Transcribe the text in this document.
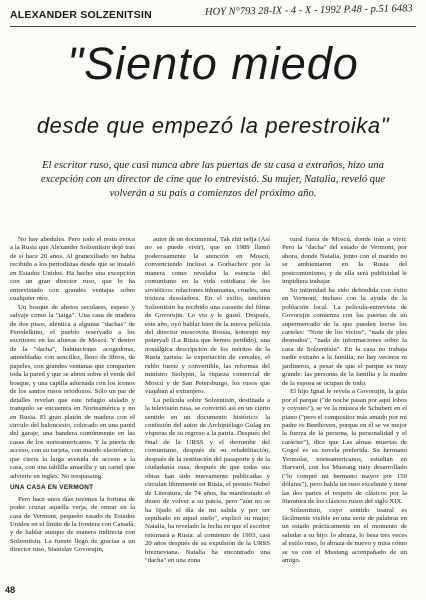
ALEXANDER SOLZENITSIN	HOY N°793 28-IX - 4 - X - 1992 P.48 - p.51 6483
"Siento miedo
desde que empezó la perestroika"
El escritor ruso, que casi nunca abre las puertas de su casa a extraños, hizo una excepción con un director de cine que lo entrevistó. Su mujer, Natalia, reveló que volverán a su país a comienzos del próximo año.

No hay abedules. Pero todo el resto evoca a la Rusia que Alexander Solzenitsin dejó tras de sí hace 20 años. Al granexiliado no habia recibido a los periodistas desde que se instaló en Estados Unidos. Ha hecho una excepción con un gran director ruso, que lo ha entrevistado con grandes ventajas sobre cualquier otro.

Un bosque de abetos seculares, espeso y salvaje como la "taiga". Una casa de madera de dos pisos, idéntica a algunas "dachas" de Peredelkino, el pueblo reservado a los escritores en las afueras de Moscú. Y dentro de la "dacha", habitaciones acogedoras, amuebladas con sencillez, lleno de libros, de papeles, con grandes ventanas que comparten toda la pared y que se abren sobre el verde del bosque, y una capilla adornada con los íconos de los santos rusos ortodoxos. Sólo un par de detalles revelan que este refugio aislado y tranquilo se encuentra en Norteamérica y no en Rusia. El gran platón de madera con el circulo del baloncesto, colocado en una pared del garaje, una bandera comúnmente en las casas de los norteamericanos. Y la puerta de acceso, con su tarjeta, con mando electrónico, que cierra la larga avenida de acceso a la casa, con una tablilla amarilla y un cartel que advierte en inglés: No trespassing.

UNA CASA EN VERMONT

Pero hace unos días tuvimos la fortuna de poder cruzar aquella verja, de entrar en la casa de Vermont, pequeño estado de Estados Unidos en el límite de la frontera con Canadá, y de hablar aunque de manera indirecta con Solzenitsin. La fuente llegó de gracias a un director ruso, Stanislav Govorujin,

autor de un documental, Tak zhit nelja (Así no se puede vivir), que en 1989 llamó poderosamente la atención en Moscú, convenciendo incluso a Gorbachov por la manera como revelaba la esencia del comunismo en la vida cotidiana de los soviéticos: relaciones inhumanas, crueles, una tristeza desoladora. En el exilio, también Solzenitsin ha recibido una cassette del filme de Govorujin. Lo vio y le gustó. Después, este año, oyó hablar bien de la nueva película del director moscovita Rossia, kotoruju my poteryali (La Rusia que hemos perdido), una nostálgica descripción de los méritos de la Rusia zarista: la exportación de cereales, el rublo fuerte y convertible, las reformas del ministro Stolypin, la riqueza comercial de Moscú y de San Petersburgo, los rusos que viajaban al extranjero.

La película sobre Solzenitsin, destinada a la televisión rusa, se convirtió así en un cierto sentido en un documento histórico: la confesión del autor de Archipiélago Gulag en vísperas de su regreso a la patria. Después del final de la URSS y el derrumbe del comunismo, después de su rehabilitación, después de la restitución del pasaporte y de la ciudadanía rusa, después de que todas sus obras han sido nuevamente publicadas y circulan libremente en Rusia, el premio Nobel de Literatura, de 74 años, ha manifestado el deseo de volver a su patria, pero "aún no se ha fijado el día de mi salida y por ser sepultado en aquel suelo", explicó su mujer, Natalia, ha revelado la fecha en que el escritor retornará a Rusia: al comienzo de 1993, casi 20 años después de su expulsión de la URSS brezneviana. Natalia ha encontrado una "dacha" en una zona

rural fuera de Moscú, donde irán a vivir. Pero la "dacha" del estado de Vermont, por ahora, donde Natalia, junto con el marido no se ambientaron en la Rusia del postcomunismo, y de ella será publicidad le impidiera trabajar.

Su intimidad ha sido defendida con éxito en Vermont, incluso con la ayuda de la población local. La película-entrevista de Govorujin comienza con las puertas de un supermercado de la que pueden leerse los carteles: "Note de los vicios", "nada de ples desnudos", "nada de informaciones sobre la casa de Solzenitsin". En la casa no trabaja nadie extraño a la familia, no hay vecinos ni jardineros, a pesar de que el parque es muy grande: las personas de la familia y la madre de la esposa se ocupan de todo.

El hijo Ignat le revela a Govorujin, la guía por el parque ("de noche pasan por aquí lobos y coyotes"), se ve la música de Schubert en el piano ("pero el compositor más amado por mi padre es Beethoven, porque en él se ve mejor la fuerza de la persona, la personalidad y el carácter"), dice que Las almas muertas de Gogol es su novela preferida. Su hermano Yermolai, norteamericanos, estudian en Harvard, con los Mustang muy desarrollado ("lo compré mi hermano mayor por 150 dólares"), pero habla un ruso excelente y tiene las dos partes el respeto de clásicos por la literatura de los clásicos rusos del siglo XIX.

Solzenitsin, cuyo sentido teatral es fácilmente visible en una serie de palabras en un estado prácticamente en el momento de saludar a su hijo: lo abraza, lo besa tres veces al estilo ruso, lo abraza de nuevo y mira cómo se va con el Mustang acompañado de un amigo.

48
